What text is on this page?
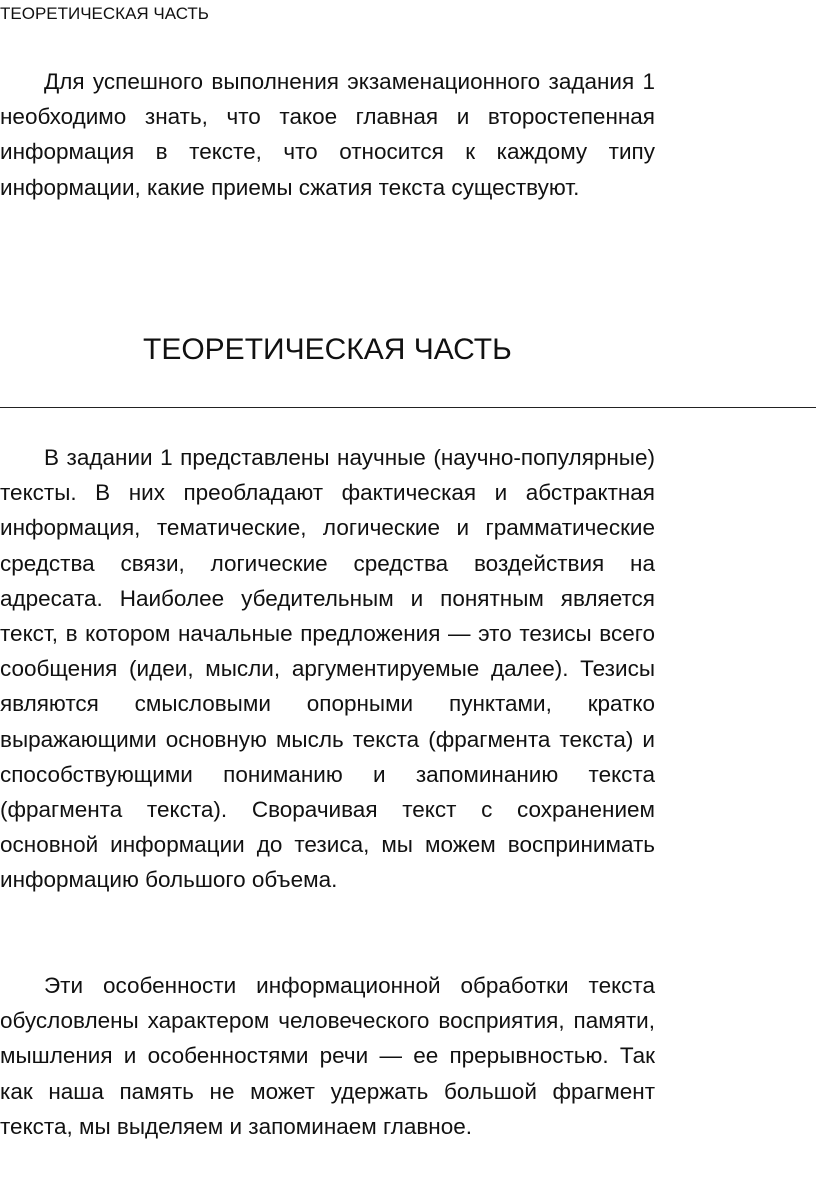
ТЕОРЕТИЧЕСКАЯ ЧАСТЬ

Для успешного выполнения экзаменационного задания 1 необходимо знать, что такое главная и второстепенная информация в тексте, что относится к каждому типу информации, какие приемы сжатия текста существуют.

ТЕОРЕТИЧЕСКАЯ ЧАСТЬ

В задании 1 представлены научные (научно-популярные) тексты. В них преобладают фактическая и абстрактная информация, тематические, логические и грамматические средства связи, логические средства воздействия на адресата. Наиболее убедительным и понятным является текст, в котором начальные предложения — это тезисы всего сообщения (идеи, мысли, аргументируемые далее). Тезисы являются смысловыми опорными пунктами, кратко выражающими основную мысль текста (фрагмента текста) и способствующими пониманию и запоминанию текста (фрагмента текста). Сворачивая текст с сохранением основной информации до тезиса, мы можем воспринимать информацию большого объема.

Эти особенности информационной обработки текста обусловлены характером человеческого восприятия, памяти, мышления и особенностями речи — ее прерывностью. Так как наша память не может удержать большой фрагмент текста, мы выделяем и запоминаем главное.
